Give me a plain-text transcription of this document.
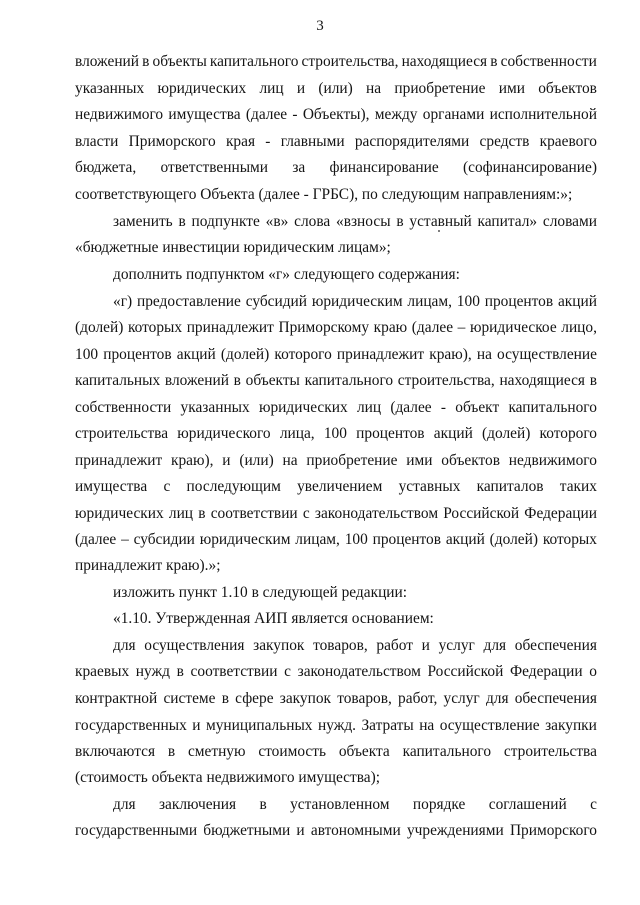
3
вложений в объекты капитального строительства, находящиеся в собственности
указанных юридических лиц и (или) на приобретение ими объектов
недвижимого имущества (далее - Объекты), между органами исполнительной
власти Приморского края - главными распорядителями средств краевого
бюджета, ответственными за финансирование (софинансирование)
соответствующего Объекта (далее - ГРБС), по следующим направлениям:»;
заменить в подпункте «в» слова «взносы в уставный капитал» словами
«бюджетные инвестиции юридическим лицам»;
дополнить подпунктом «г» следующего содержания:
«г) предоставление субсидий юридическим лицам, 100 процентов акций
(долей) которых принадлежит Приморскому краю (далее – юридическое лицо,
100 процентов акций (долей) которого принадлежит краю), на осуществление
капитальных вложений в объекты капитального строительства, находящиеся в
собственности указанных юридических лиц (далее - объект капитального
строительства юридического лица, 100 процентов акций (долей) которого
принадлежит краю), и (или) на приобретение ими объектов недвижимого
имущества с последующим увеличением уставных капиталов таких
юридических лиц в соответствии с законодательством Российской Федерации
(далее – субсидии юридическим лицам, 100 процентов акций (долей) которых
принадлежит краю).»;
изложить пункт 1.10 в следующей редакции:
«1.10. Утвержденная АИП является основанием:
для осуществления закупок товаров, работ и услуг для обеспечения
краевых нужд в соответствии с законодательством Российской Федерации о
контрактной системе в сфере закупок товаров, работ, услуг для обеспечения
государственных и муниципальных нужд. Затраты на осуществление закупки
включаются в сметную стоимость объекта капитального строительства
(стоимость объекта недвижимого имущества);
для заключения в установленном порядке соглашений с
государственными бюджетными и автономными учреждениями Приморского
